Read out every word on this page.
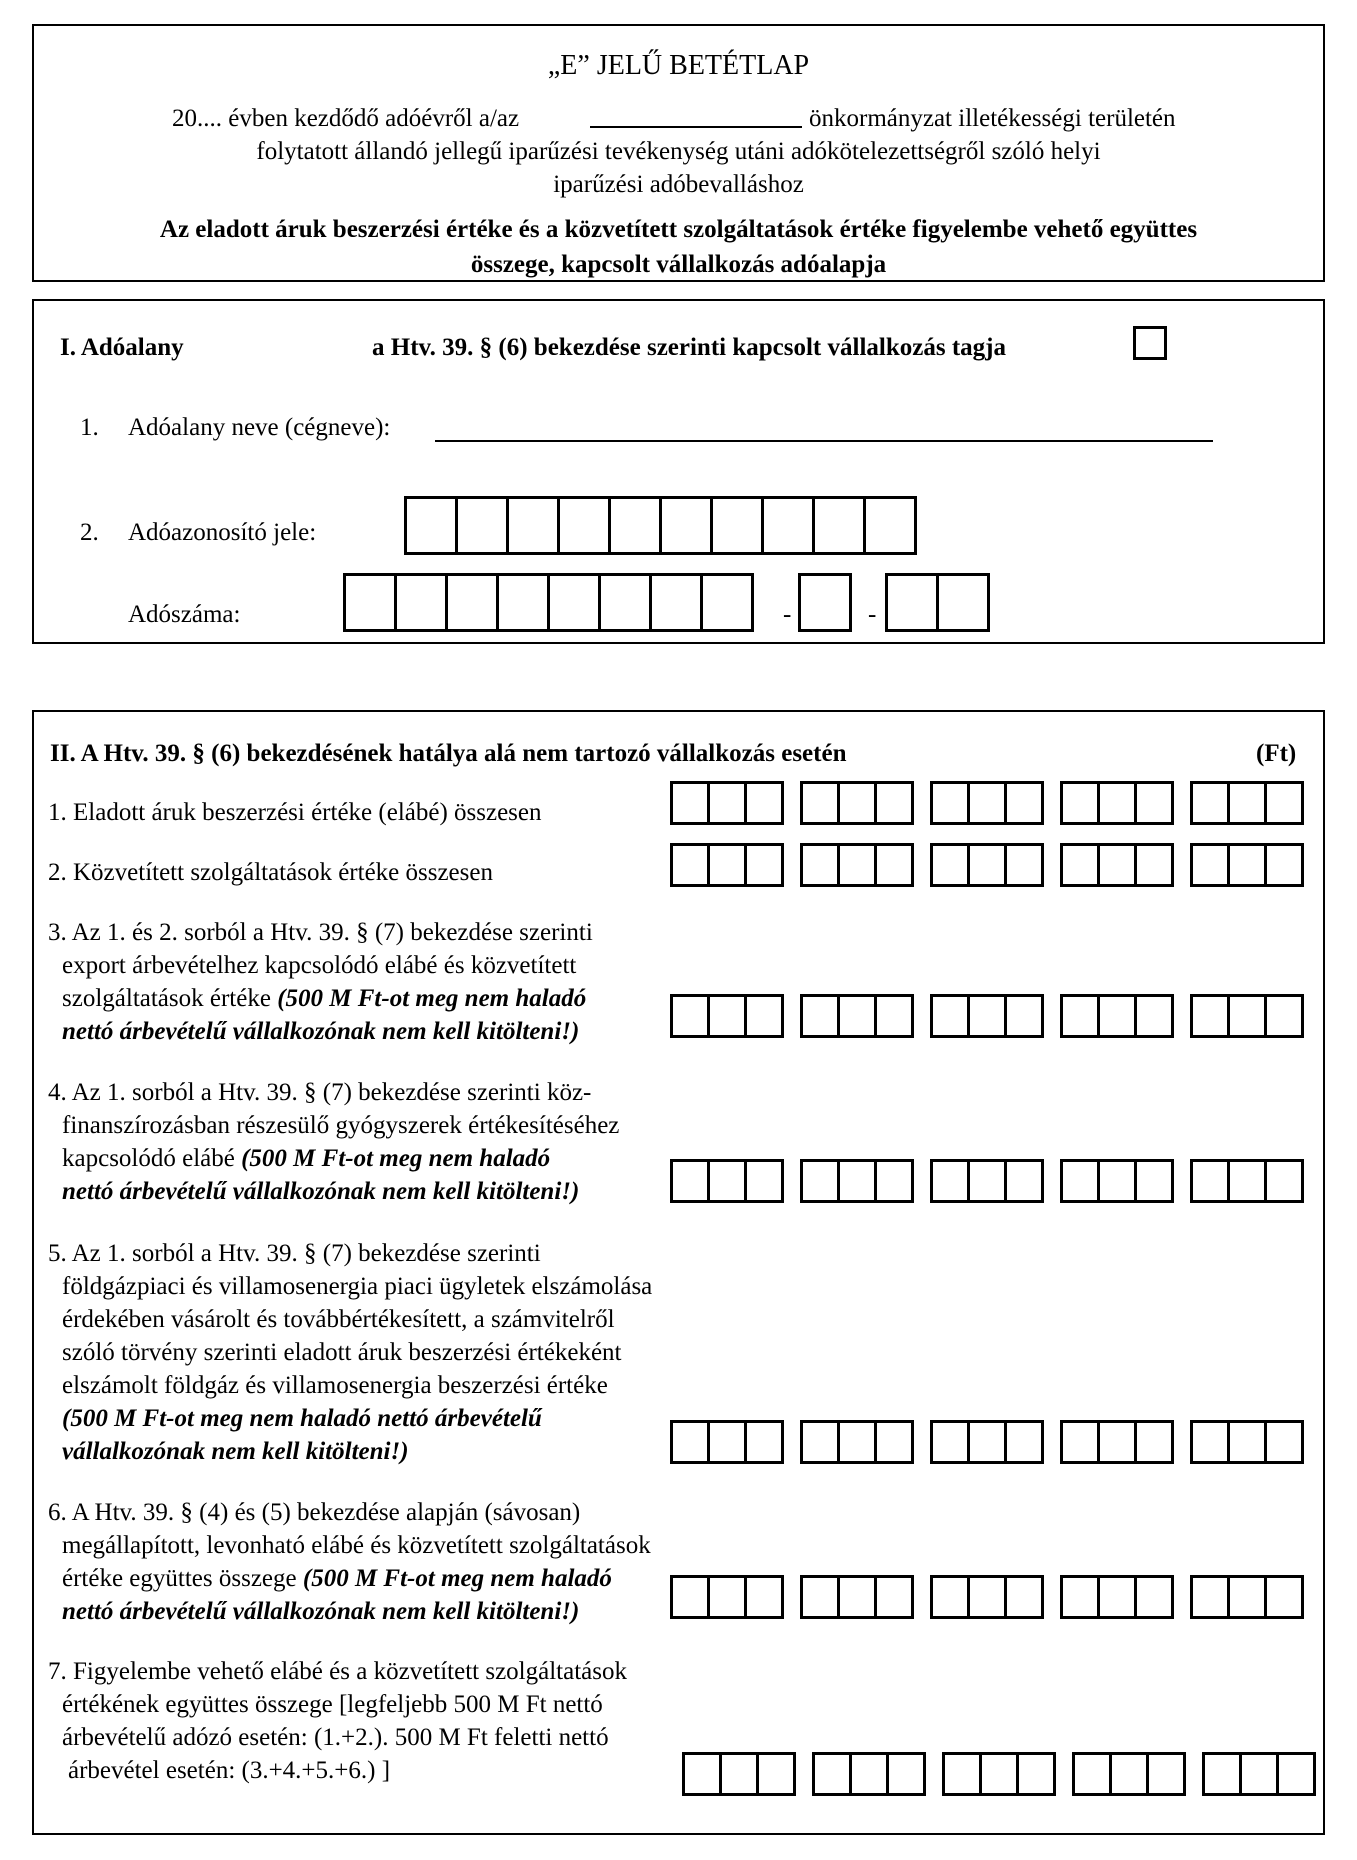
„E” JELŰ BETÉTLAP
20.... évben kezdődő adóévről a/az	önkormányzat illetékességi területén
folytatott állandó jellegű iparűzési tevékenység utáni adókötelezettségről szóló helyi
iparűzési adóbevalláshoz
Az eladott áruk beszerzési értéke és a közvetített szolgáltatások értéke figyelembe vehető együttes
összege, kapcsolt vállalkozás adóalapja
I. Adóalany	a Htv. 39. § (6) bekezdése szerinti kapcsolt vállalkozás tagja
1. Adóalany neve (cégneve):
2. Adóazonosító jele:
Adószáma:	-	-
II. A Htv. 39. § (6) bekezdésének hatálya alá nem tartozó vállalkozás esetén	(Ft)
1. Eladott áruk beszerzési értéke (elábé) összesen
2. Közvetített szolgáltatások értéke összesen
3. Az 1. és 2. sorból a Htv. 39. § (7) bekezdése szerinti
export árbevételhez kapcsolódó elábé és közvetített
szolgáltatások értéke (500 M Ft-ot meg nem haladó
nettó árbevételű vállalkozónak nem kell kitölteni!)
4. Az 1. sorból a Htv. 39. § (7) bekezdése szerinti köz-
finanszírozásban részesülő gyógyszerek értékesítéséhez
kapcsolódó elábé (500 M Ft-ot meg nem haladó
nettó árbevételű vállalkozónak nem kell kitölteni!)
5. Az 1. sorból a Htv. 39. § (7) bekezdése szerinti
földgázpiaci és villamosenergia piaci ügyletek elszámolása
érdekében vásárolt és továbbértékesített, a számvitelről
szóló törvény szerinti eladott áruk beszerzési értékeként
elszámolt földgáz és villamosenergia beszerzési értéke
(500 M Ft-ot meg nem haladó nettó árbevételű
vállalkozónak nem kell kitölteni!)
6. A Htv. 39. § (4) és (5) bekezdése alapján (sávosan)
megállapított, levonható elábé és közvetített szolgáltatások
értéke együttes összege (500 M Ft-ot meg nem haladó
nettó árbevételű vállalkozónak nem kell kitölteni!)
7. Figyelembe vehető elábé és a közvetített szolgáltatások
értékének együttes összege [legfeljebb 500 M Ft nettó
árbevételű adózó esetén: (1.+2.). 500 M Ft feletti nettó
árbevétel esetén: (3.+4.+5.+6.) ]
